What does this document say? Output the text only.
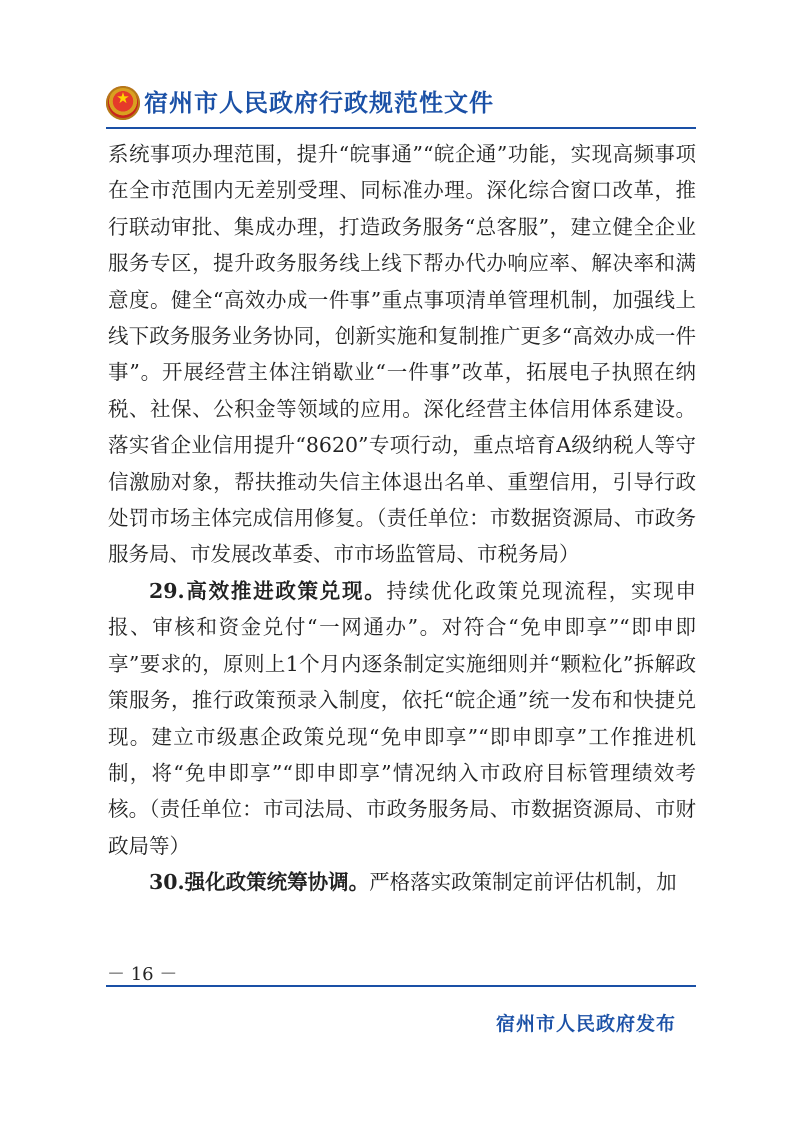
★ 宿州市人民政府行政规范性文件

系统事项办理范围，提升“皖事通”“皖企通”功能，实现高频事项在全市范围内无差别受理、同标准办理。深化综合窗口改革，推行联动审批、集成办理，打造政务服务“总客服”，建立健全企业服务专区，提升政务服务线上线下帮办代办响应率、解决率和满意度。健全“高效办成一件事”重点事项清单管理机制，加强线上线下政务服务业务协同，创新实施和复制推广更多“高效办成一件事”。开展经营主体注销歇业“一件事”改革，拓展电子执照在纳税、社保、公积金等领域的应用。深化经营主体信用体系建设。落实省企业信用提升“8620”专项行动，重点培育A级纳税人等守信激励对象，帮扶推动失信主体退出名单、重塑信用，引导行政处罚市场主体完成信用修复。（责任单位：市数据资源局、市政务服务局、市发展改革委、市市场监管局、市税务局）

29.高效推进政策兑现。持续优化政策兑现流程，实现申报、审核和资金兑付“一网通办”。对符合“免申即享”“即申即享”要求的，原则上1个月内逐条制定实施细则并“颗粒化”拆解政策服务，推行政策预录入制度，依托“皖企通”统一发布和快捷兑现。建立市级惠企政策兑现“免申即享”“即申即享”工作推进机制，将“免申即享”“即申即享”情况纳入市政府目标管理绩效考核。（责任单位：市司法局、市政务服务局、市数据资源局、市财政局等）

30.强化政策统筹协调。严格落实政策制定前评估机制，加

－ 16 －
宿州市人民政府发布
